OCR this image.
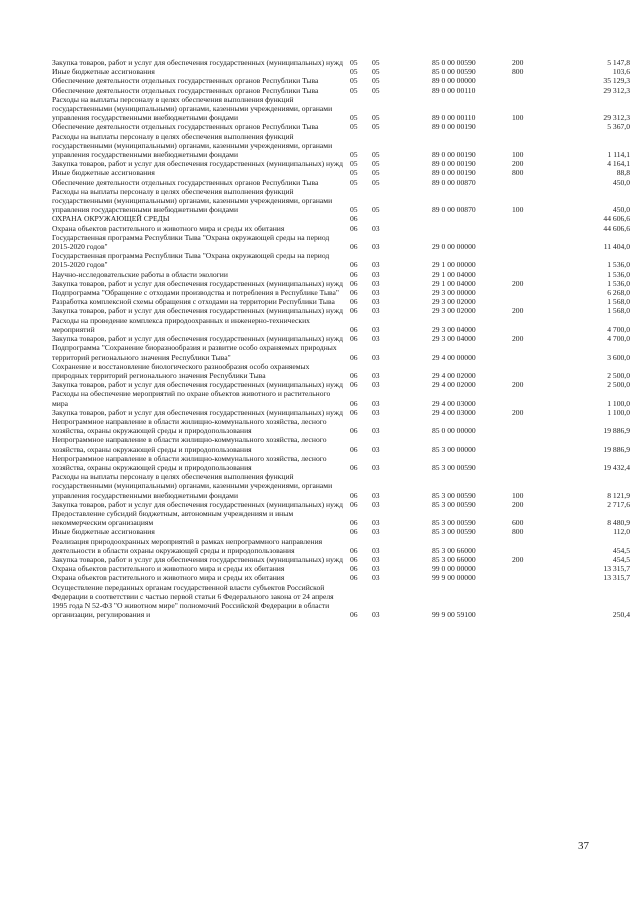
Закупка товаров, работ и услуг для обеспечения государственных (муниципальных) нужд	05	05	85 0 00 00590	200	5 147,8
Иные бюджетные ассигнования	05	05	85 0 00 00590	800	103,6
Обеспечение деятельности отдельных государственных органов Республики Тыва	05	05	89 0 00 00000		35 129,3
Обеспечение деятельности отдельных государственных органов Республики Тыва	05	05	89 0 00 00110		29 312,3
Расходы на выплаты персоналу в целях обеспечения выполнения функций государственными (муниципальными) органами, казенными учреждениями, органами управления государственными внебюджетными фондами	05	05	89 0 00 00110	100	29 312,3
Обеспечение деятельности отдельных государственных органов Республики Тыва	05	05	89 0 00 00190		5 367,0
Расходы на выплаты персоналу в целях обеспечения выполнения функций государственными (муниципальными) органами, казенными учреждениями, органами управления государственными внебюджетными фондами	05	05	89 0 00 00190	100	1 114,1
Закупка товаров, работ и услуг для обеспечения государственных (муниципальных) нужд	05	05	89 0 00 00190	200	4 164,1
Иные бюджетные ассигнования	05	05	89 0 00 00190	800	88,8
Обеспечение деятельности отдельных государственных органов Республики Тыва	05	05	89 0 00 00870		450,0
Расходы на выплаты персоналу в целях обеспечения выполнения функций государственными (муниципальными) органами, казенными учреждениями, органами управления государственными внебюджетными фондами	05	05	89 0 00 00870	100	450,0
ОХРАНА ОКРУЖАЮЩЕЙ СРЕДЫ	06				44 606,6
Охрана объектов растительного и животного мира и среды их обитания	06	03			44 606,6
Государственная программа Республики Тыва "Охрана окружающей среды на период 2015-2020 годов"	06	03	29 0 00 00000		11 404,0
Государственная программа Республики Тыва "Охрана окружающей среды на период 2015-2020 годов"	06	03	29 1 00 00000		1 536,0
Научно-исследовательские работы в области экологии	06	03	29 1 00 04000		1 536,0
Закупка товаров, работ и услуг для обеспечения государственных (муниципальных) нужд	06	03	29 1 00 04000	200	1 536,0
Подпрограмма "Обращение с отходами производства и потребления в Республике Тыва"	06	03	29 3 00 00000		6 268,0
Разработка комплексной схемы обращения с отходами на территории Республики Тыва	06	03	29 3 00 02000		1 568,0
Закупка товаров, работ и услуг для обеспечения государственных (муниципальных) нужд	06	03	29 3 00 02000	200	1 568,0
Расходы на проведение комплекса природоохранных и инженерно-технических мероприятий	06	03	29 3 00 04000		4 700,0
Закупка товаров, работ и услуг для обеспечения государственных (муниципальных) нужд	06	03	29 3 00 04000	200	4 700,0
Подпрограмма "Сохранение биоразнообразия и развитие особо охраняемых природных территорий регионального значения Республики Тыва"	06	03	29 4 00 00000		3 600,0
Сохранение и восстановление биологического разнообразия особо охраняемых природных территорий регионального значения Республики Тыва	06	03	29 4 00 02000		2 500,0
Закупка товаров, работ и услуг для обеспечения государственных (муниципальных) нужд	06	03	29 4 00 02000	200	2 500,0
Расходы на обеспечение мероприятий по охране объектов животного и растительного мира	06	03	29 4 00 03000		1 100,0
Закупка товаров, работ и услуг для обеспечения государственных (муниципальных) нужд	06	03	29 4 00 03000	200	1 100,0
Непрограммное направление в области жилищно-коммунального хозяйства, лесного хозяйства, охраны окружающей среды и природопользования	06	03	85 0 00 00000		19 886,9
Непрограммное направление в области жилищно-коммунального хозяйства, лесного хозяйства, охраны окружающей среды и природопользования	06	03	85 3 00 00000		19 886,9
Непрограммное направление в области жилищно-коммунального хозяйства, лесного хозяйства, охраны окружающей среды и природопользования	06	03	85 3 00 00590		19 432,4
Расходы на выплаты персоналу в целях обеспечения выполнения функций государственными (муниципальными) органами, казенными учреждениями, органами управления государственными внебюджетными фондами	06	03	85 3 00 00590	100	8 121,9
Закупка товаров, работ и услуг для обеспечения государственных (муниципальных) нужд	06	03	85 3 00 00590	200	2 717,6
Предоставление субсидий бюджетным, автономным учреждениям и иным некоммерческим организациям	06	03	85 3 00 00590	600	8 480,9
Иные бюджетные ассигнования	06	03	85 3 00 00590	800	112,0
Реализация природоохранных мероприятий в рамках непрограммного направления деятельности в области охраны окружающей среды и природопользования	06	03	85 3 00 66000		454,5
Закупка товаров, работ и услуг для обеспечения государственных (муниципальных) нужд	06	03	85 3 00 66000	200	454,5
Охрана объектов растительного и животного мира и среды их обитания	06	03	99 0 00 00000		13 315,7
Охрана объектов растительного и животного мира и среды их обитания	06	03	99 9 00 00000		13 315,7
Осуществление переданных органам государственной власти субъектов Российской Федерации в соответствии с частью первой статьи 6 Федерального закона от 24 апреля 1995 года N 52-ФЗ "О животном мире" полномочий Российской Федерации в области организации, регулирования и	06	03	99 9 00 59100		250,4
37
